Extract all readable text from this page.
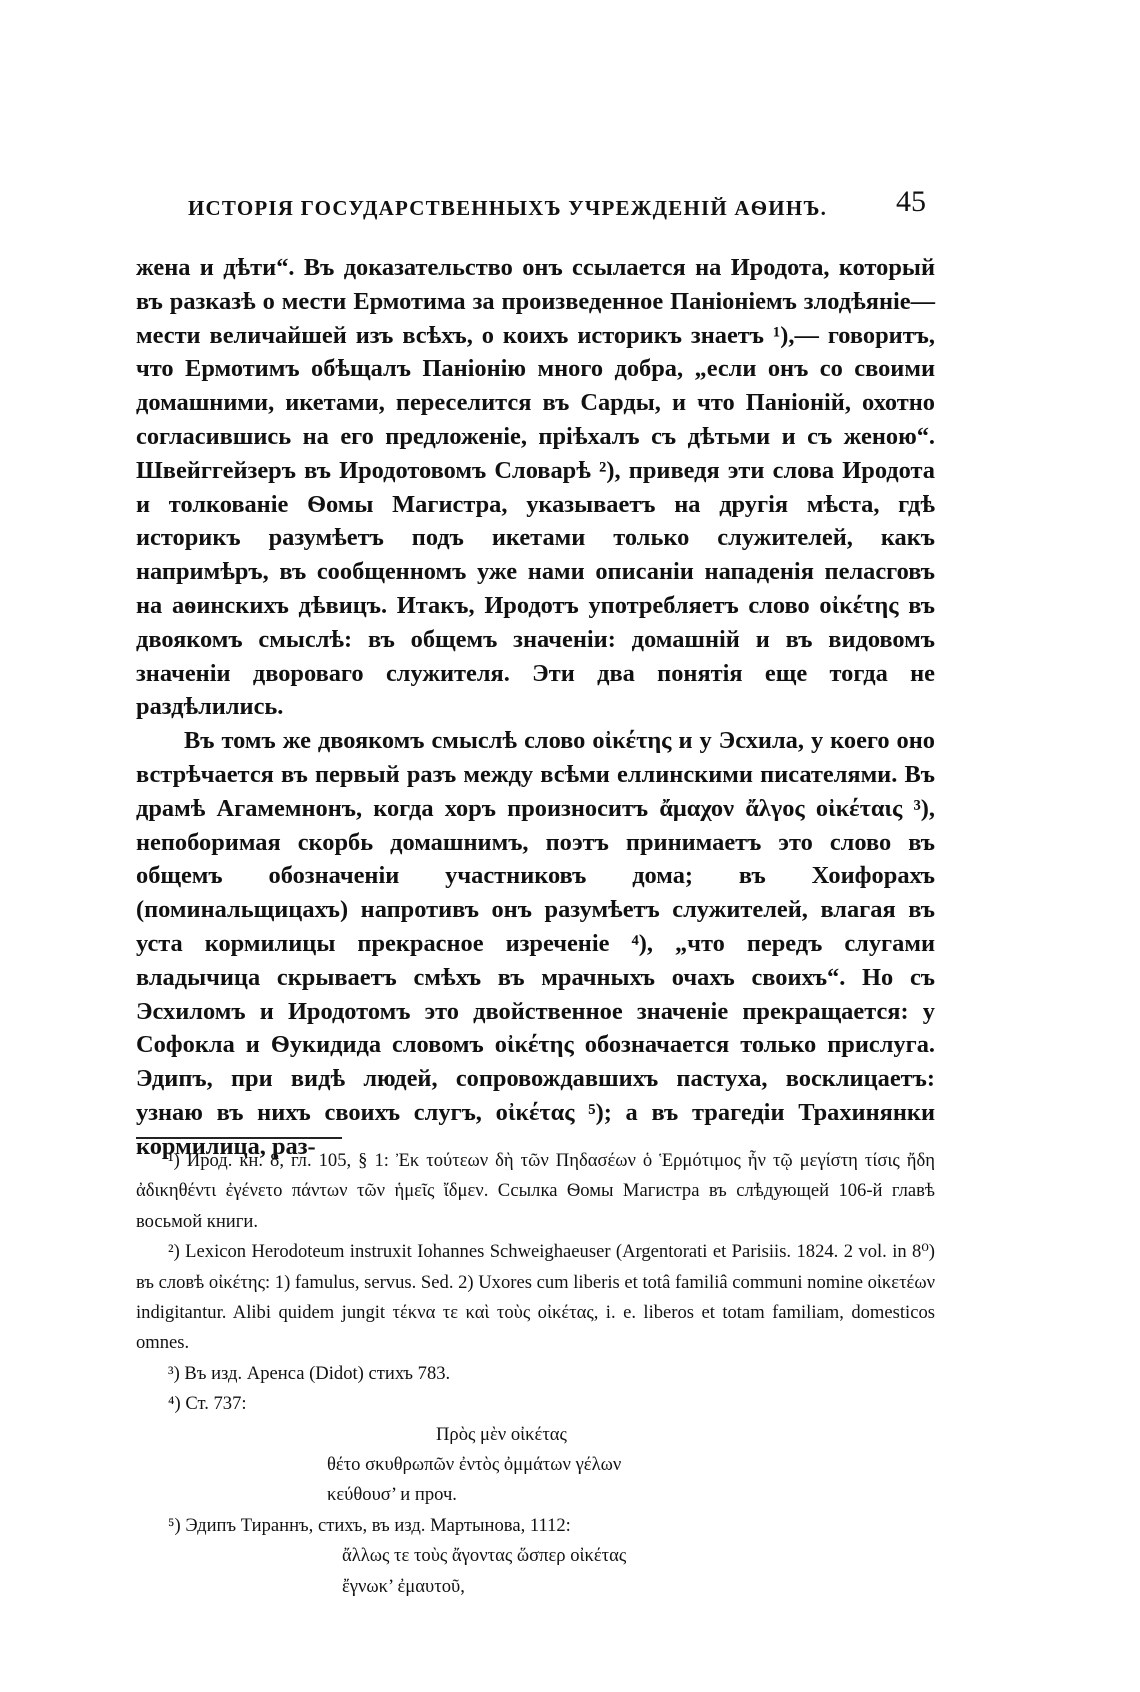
ИСТОРІЯ ГОСУДАРСТВЕННЫХЪ УЧРЕЖДЕНІЙ АѲИНЪ. 45

жена и дѣти“. Въ доказательство онъ ссылается на Иродота, который въ разказѣ о мести Ермотима за произведенное Паніоніемъ злодѣяніе—мести величайшей изъ всѣхъ, о коихъ историкъ знаетъ ¹),— говоритъ, что Ермотимъ обѣщалъ Паніонію много добра, „если онъ со своими домашними, икетами, переселится въ Сарды, и что Паніоній, охотно согласившись на его предложеніе, пріѣхалъ съ дѣтьми и съ женою“. Швейггейзеръ въ Иродотовомъ Словарѣ ²), приведя эти слова Иродота и толкованіе Ѳомы Магистра, указываетъ на другія мѣста, гдѣ историкъ разумѣетъ подъ икетами только служителей, какъ напримѣръ, въ сообщенномъ уже нами описаніи нападенія пеласговъ на аѳинскихъ дѣвицъ. Итакъ, Иродотъ употребляетъ слово οἰκέτης въ двоякомъ смыслѣ: въ общемъ значеніи: домашній и въ видовомъ значеніи двороваго служителя. Эти два понятія еще тогда не раздѣлились.

Въ томъ же двоякомъ смыслѣ слово οἰκέτης и у Эсхила, у коего оно встрѣчается въ первый разъ между всѣми еллинскими писателями. Въ драмѣ Агамемнонъ, когда хоръ произноситъ ἄμαχον ἄλγος οἰκέταις ³), непоборимая скорбь домашнимъ, поэтъ принимаетъ это слово въ общемъ обозначеніи участниковъ дома; въ Хоифорахъ (поминальщицахъ) напротивъ онъ разумѣетъ служителей, влагая въ уста кормилицы прекрасное изреченіе ⁴), „что передъ слугами владычица скрываетъ смѣхъ въ мрачныхъ очахъ своихъ“. Но съ Эсхиломъ и Иродотомъ это двойственное значеніе прекращается: у Софокла и Ѳукидида словомъ οἰκέτης обозначается только прислуга. Эдипъ, при видѣ людей, сопровождавшихъ пастуха, восклицаетъ: узнаю въ нихъ своихъ слугъ, οἰκέτας ⁵); а въ трагедіи Трахинянки кормилица, раз-

¹) Ирод. кн. 8, гл. 105, § 1: Ἐκ τούτεων δὴ τῶν Πηδασέων ὁ Ἑρμότιμος ἦν τῷ μεγίστη τίσις ἤδη ἀδικηθέντι ἐγένετο πάντων τῶν ἡμεῖς ἴδμεν. Ссылка Ѳомы Магистра въ слѣдующей 106-й главѣ восьмой книги.

²) Lexicon Herodoteum instruxit Iohannes Schweighaeuser (Argentorati et Parisiis. 1824. 2 vol. in 8⁰) въ словѣ οἰκέτης: 1) famulus, servus. Sed. 2) Uxores cum liberis et totâ familiâ communi nomine οἰκετέων indigitantur. Alibi quidem jungit τέκνα τε καὶ τοὺς οἰκέτας, i. e. liberos et totam familiam, domesticos omnes.

³) Въ изд. Аренса (Didot) стихъ 783.

⁴) Ст. 737:

Πρὸς μὲν οἰκέτας
θέτο σκυθρωπῶν ἐντὸς ὀμμάτων γέλων
κεύθουσ’ и проч.

⁵) Эдипъ Тираннъ, стихъ, въ изд. Мартынова, 1112:

ἄλλως τε τοὺς ἄγοντας ὥσπερ οἰκέτας
ἔγνωκ’ ἐμαυτοῦ,
